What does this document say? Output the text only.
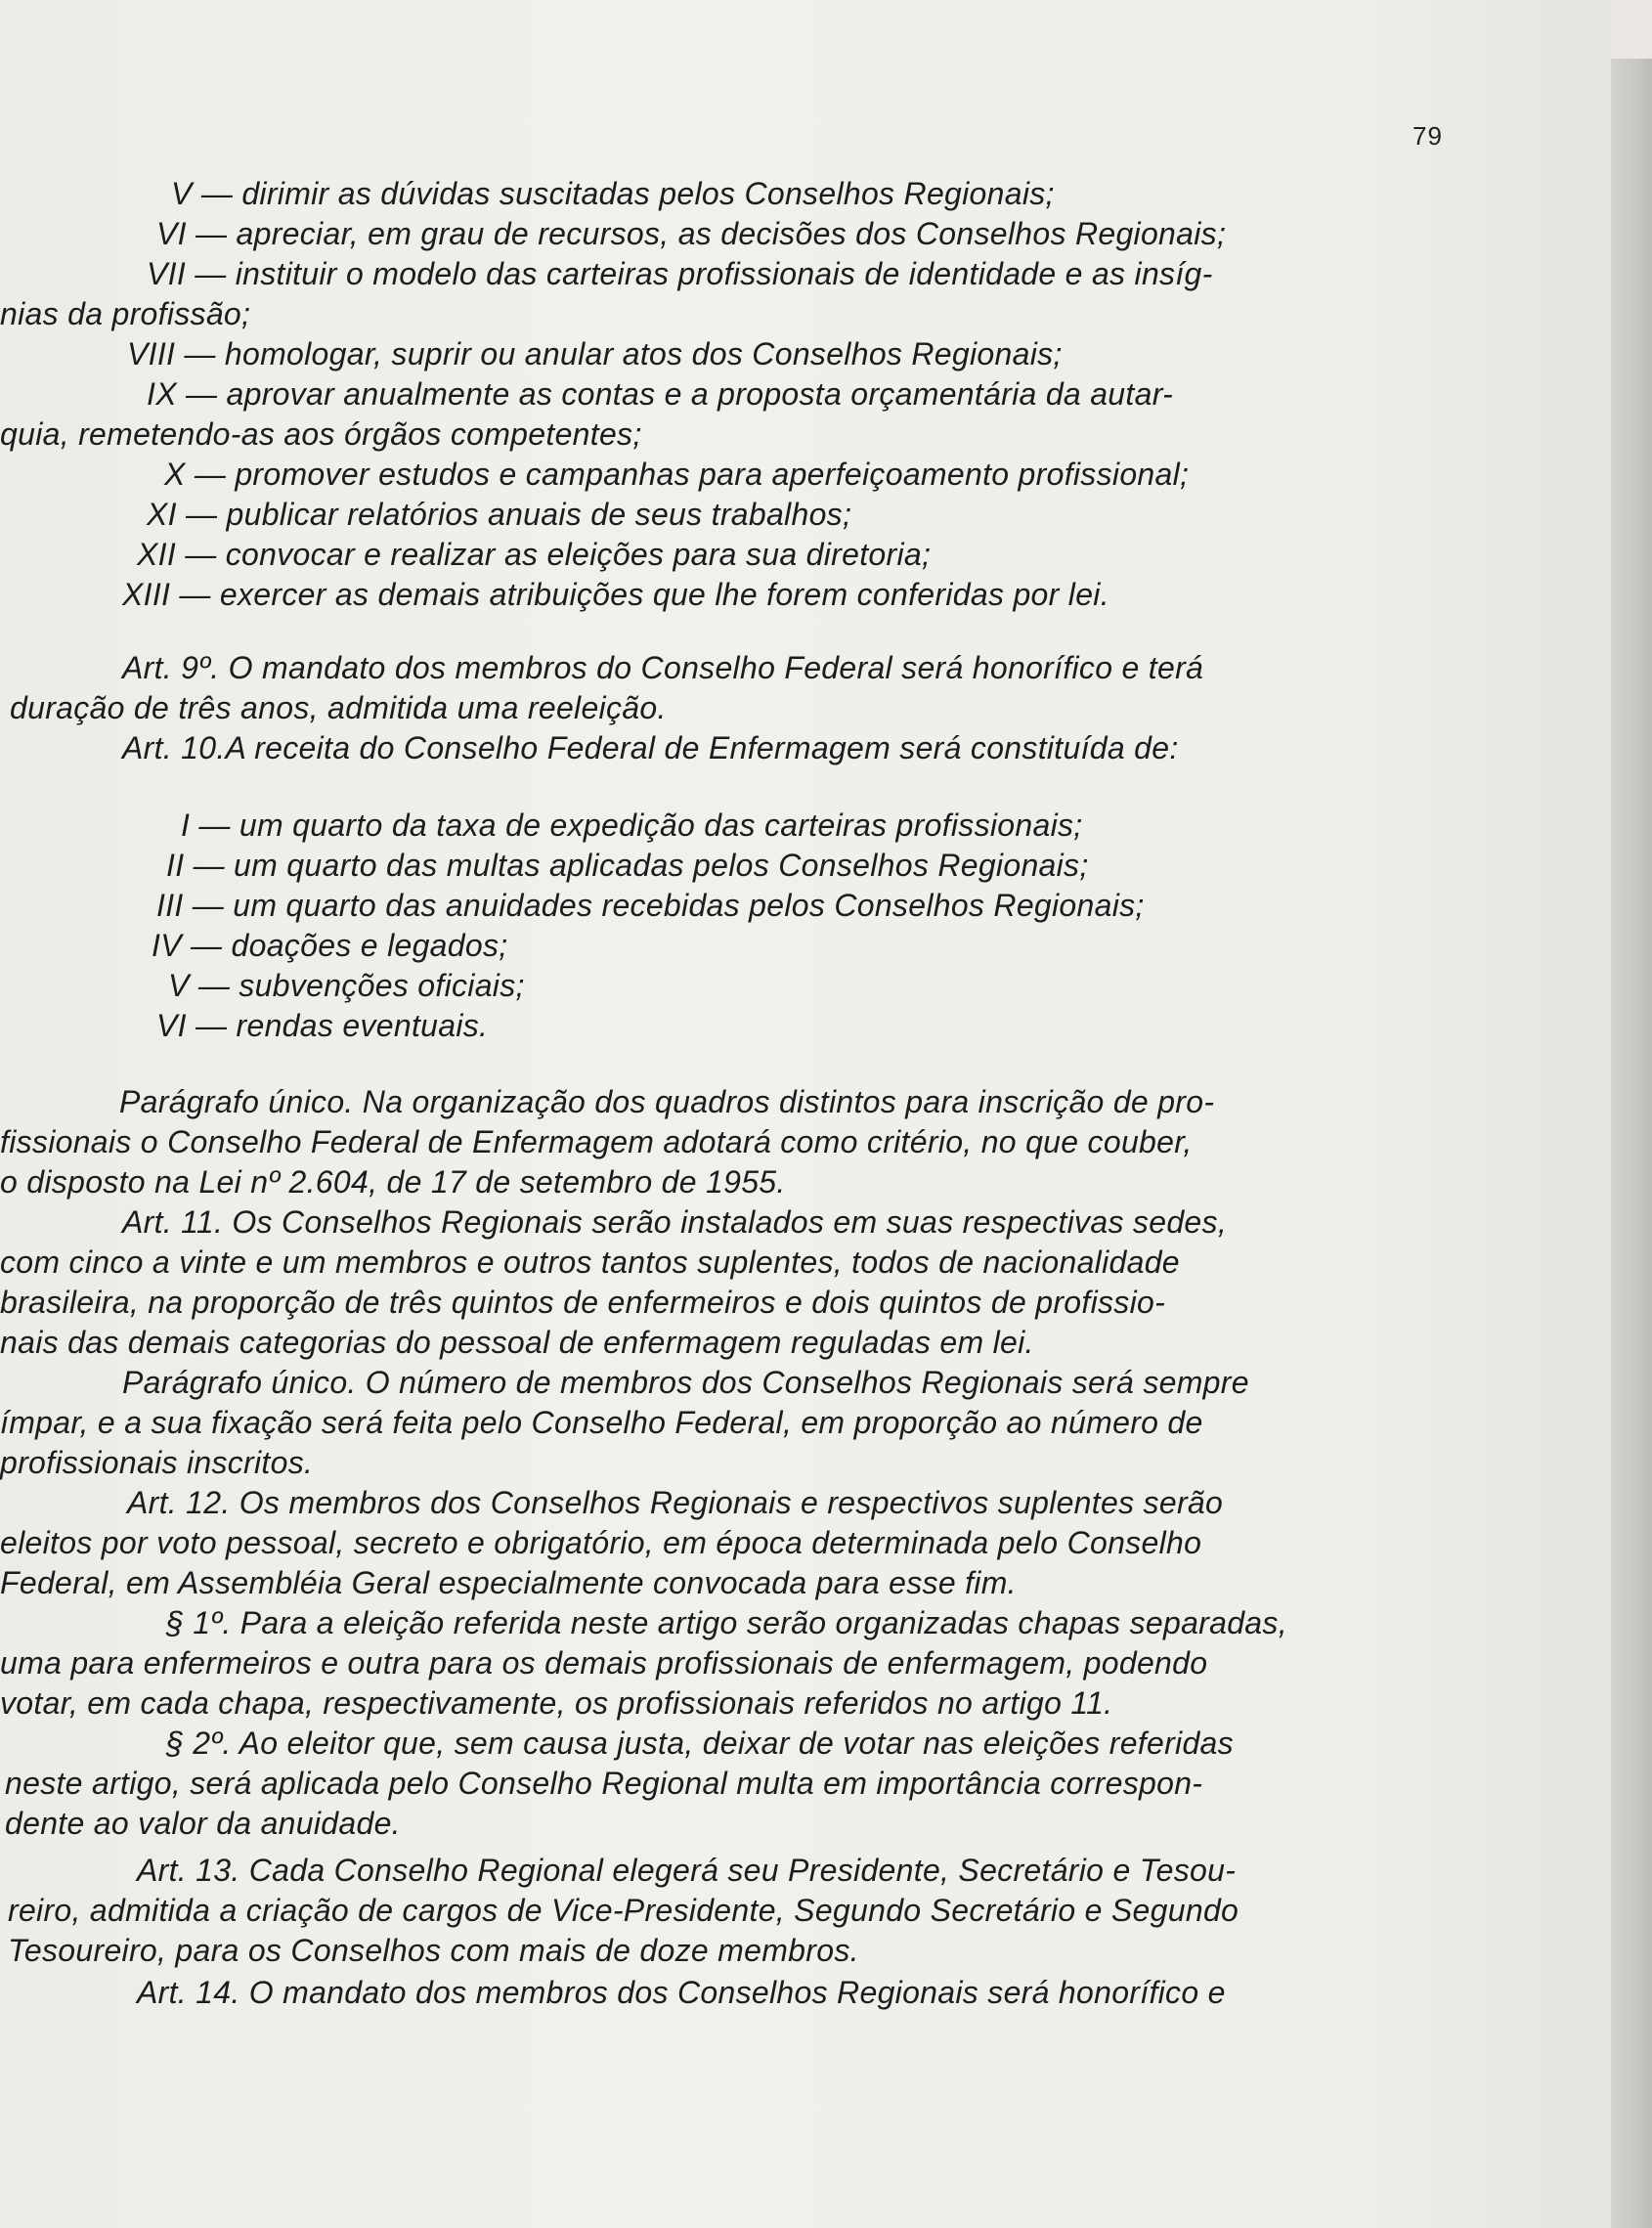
79
V — dirimir as dúvidas suscitadas pelos Conselhos Regionais;
VI — apreciar, em grau de recursos, as decisões dos Conselhos Regionais;
VII — instituir o modelo das carteiras profissionais de identidade e as insíg-
nias da profissão;
VIII — homologar, suprir ou anular atos dos Conselhos Regionais;
IX — aprovar anualmente as contas e a proposta orçamentária da autar-
quia, remetendo-as aos órgãos competentes;
X — promover estudos e campanhas para aperfeiçoamento profissional;
XI — publicar relatórios anuais de seus trabalhos;
XII — convocar e realizar as eleições para sua diretoria;
XIII — exercer as demais atribuições que lhe forem conferidas por lei.
Art. 9º. O mandato dos membros do Conselho Federal será honorífico e terá
duração de três anos, admitida uma reeleição.
Art. 10.A receita do Conselho Federal de Enfermagem será constituída de:
I — um quarto da taxa de expedição das carteiras profissionais;
II — um quarto das multas aplicadas pelos Conselhos Regionais;
III — um quarto das anuidades recebidas pelos Conselhos Regionais;
IV — doações e legados;
V — subvenções oficiais;
VI — rendas eventuais.
Parágrafo único. Na organização dos quadros distintos para inscrição de pro-
fissionais o Conselho Federal de Enfermagem adotará como critério, no que couber,
o disposto na Lei nº 2.604, de 17 de setembro de 1955.
Art. 11. Os Conselhos Regionais serão instalados em suas respectivas sedes,
com cinco a vinte e um membros e outros tantos suplentes, todos de nacionalidade
brasileira, na proporção de três quintos de enfermeiros e dois quintos de profissio-
nais das demais categorias do pessoal de enfermagem reguladas em lei.
Parágrafo único. O número de membros dos Conselhos Regionais será sempre
ímpar, e a sua fixação será feita pelo Conselho Federal, em proporção ao número de
profissionais inscritos.
Art. 12. Os membros dos Conselhos Regionais e respectivos suplentes serão
eleitos por voto pessoal, secreto e obrigatório, em época determinada pelo Conselho
Federal, em Assembléia Geral especialmente convocada para esse fim.
§ 1º. Para a eleição referida neste artigo serão organizadas chapas separadas,
uma para enfermeiros e outra para os demais profissionais de enfermagem, podendo
votar, em cada chapa, respectivamente, os profissionais referidos no artigo 11.
§ 2º. Ao eleitor que, sem causa justa, deixar de votar nas eleições referidas
neste artigo, será aplicada pelo Conselho Regional multa em importância correspon-
dente ao valor da anuidade.
Art. 13. Cada Conselho Regional elegerá seu Presidente, Secretário e Tesou-
reiro, admitida a criação de cargos de Vice-Presidente, Segundo Secretário e Segundo
Tesoureiro, para os Conselhos com mais de doze membros.
Art. 14. O mandato dos membros dos Conselhos Regionais será honorífico e
